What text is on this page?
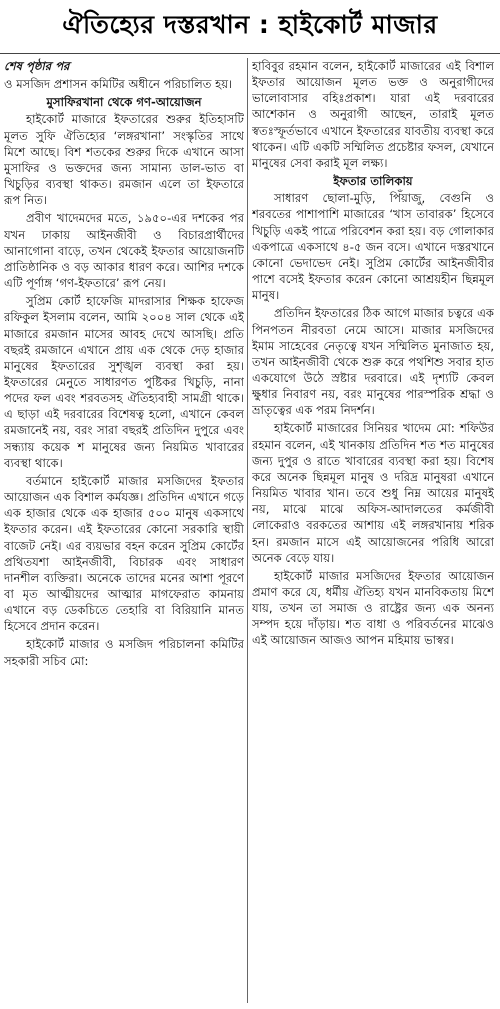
ঐতিহ্যের দস্তরখান : হাইকোর্ট মাজার
শেষ পৃষ্ঠার পর
ও মসজিদ প্রশাসন কমিটির অধীনে পরিচালিত হয়।
মুসাফিরখানা থেকে গণ-আয়োজন
হাইকোর্ট মাজারে ইফতারের শুরুর ইতিহাসটি মূলত সুফি ঐতিহ্যের ‘লঙ্গরখানা’ সংস্কৃতির সাথে মিশে আছে। বিশ শতকের শুরুর দিকে এখানে আসা মুসাফির ও ভক্তদের জন্য সামান্য ডাল-ভাত বা খিচুড়ির ব্যবস্থা থাকত। রমজান এলে তা ইফতারে রূপ নিত।
প্রবীণ খাদেমদের মতে, ১৯৫০-এর দশকের পর যখন ঢাকায় আইনজীবী ও বিচারপ্রার্থীদের আনাগোনা বাড়ে, তখন থেকেই ইফতার আয়োজনটি প্রাতিষ্ঠানিক ও বড় আকার ধারণ করে। আশির দশকে এটি পূর্ণাঙ্গ ‘গণ-ইফতারে’ রূপ নেয়।
সুপ্রিম কোর্ট হাফেজি মাদরাসার শিক্ষক হাফেজ রফিকুল ইসলাম বলেন, আমি ২০০৪ সাল থেকে এই মাজারে রমজান মাসের আবহ দেখে আসছি। প্রতি বছরই রমজানে এখানে প্রায় এক থেকে দেড় হাজার মানুষের ইফতারের সুশৃঙ্খল ব্যবস্থা করা হয়। ইফতারের মেনুতে সাধারণত পুষ্টিকর খিচুড়ি, নানা পদের ফল এবং শরবতসহ ঐতিহ্যবাহী সামগ্রী থাকে। এ ছাড়া এই দরবারের বিশেষত্ব হলো, এখানে কেবল রমজানেই নয়, বরং সারা বছরই প্রতিদিন দুপুরে এবং সন্ধ্যায় কয়েক শ মানুষের জন্য নিয়মিত খাবারের ব্যবস্থা থাকে।
বর্তমানে হাইকোর্ট মাজার মসজিদের ইফতার আয়োজন এক বিশাল কর্মযজ্ঞ। প্রতিদিন এখানে গড়ে এক হাজার থেকে এক হাজার ৫০০ মানুষ একসাথে ইফতার করেন। এই ইফতারের কোনো সরকারি স্থায়ী বাজেট নেই। এর ব্যয়ভার বহন করেন সুপ্রিম কোর্টের প্রথিতযশা আইনজীবী, বিচারক এবং সাধারণ দানশীল ব্যক্তিরা। অনেকে তাদের মনের আশা পূরণে বা মৃত আত্মীয়দের আত্মার মাগফেরাত কামনায় এখানে বড় ডেকচিতে তেহারি বা বিরিয়ানি মানত হিসেবে প্রদান করেন।
হাইকোর্ট মাজার ও মসজিদ পরিচালনা কমিটির সহকারী সচিব মো:
হাবিবুর রহমান বলেন, হাইকোর্ট মাজারের এই বিশাল ইফতার আয়োজন মূলত ভক্ত ও অনুরাগীদের ভালোবাসার বহিঃপ্রকাশ। যারা এই দরবারের আশেকান ও অনুরাগী আছেন, তারাই মূলত স্বতঃস্ফূর্তভাবে এখানে ইফতারের যাবতীয় ব্যবস্থা করে থাকেন। এটি একটি সম্মিলিত প্রচেষ্টার ফসল, যেখানে মানুষের সেবা করাই মূল লক্ষ্য।
ইফতার তালিকায়
সাধারণ ছোলা-মুড়ি, পিঁয়াজু, বেগুনি ও শরবতের পাশাপাশি মাজারের ‘খাস তাবারক’ হিসেবে খিচুড়ি একই পাত্রে পরিবেশন করা হয়। বড় গোলাকার একপাত্রে একসাথে ৪-৫ জন বসে। এখানে দস্তরখানে কোনো ভেদাভেদ নেই। সুপ্রিম কোর্টের আইনজীবীর পাশে বসেই ইফতার করেন কোনো আশ্রয়হীন ছিন্নমূল মানুষ।
প্রতিদিন ইফতারের ঠিক আগে মাজার চত্বরে এক পিনপতন নীরবতা নেমে আসে। মাজার মসজিদের ইমাম সাহেবের নেতৃত্বে যখন সম্মিলিত মুনাজাত হয়, তখন আইনজীবী থেকে শুরু করে পথশিশু সবার হাত একযোগে উঠে স্রষ্টার দরবারে। এই দৃশ্যটি কেবল ক্ষুধার নিবারণ নয়, বরং মানুষের পারস্পরিক শ্রদ্ধা ও ভ্রাতৃত্বের এক পরম নিদর্শন।
হাইকোর্ট মাজারের সিনিয়র খাদেম মো: শফিউর রহমান বলেন, এই খানকায় প্রতিদিন শত শত মানুষের জন্য দুপুর ও রাতে খাবারের ব্যবস্থা করা হয়। বিশেষ করে অনেক ছিন্নমূল মানুষ ও দরিদ্র মানুষরা এখানে নিয়মিত খাবার খান। তবে শুধু নিম্ন আয়ের মানুষই নয়, মাঝে মাঝে অফিস-আদালতের কর্মজীবী লোকেরাও বরকতের আশায় এই লঙ্গরখানায় শরিক হন। রমজান মাসে এই আয়োজনের পরিধি আরো অনেক বেড়ে যায়।
হাইকোর্ট মাজার মসজিদের ইফতার আয়োজন প্রমাণ করে যে, ধর্মীয় ঐতিহ্য যখন মানবিকতায় মিশে যায়, তখন তা সমাজ ও রাষ্ট্রের জন্য এক অনন্য সম্পদ হয়ে দাঁড়ায়। শত বাধা ও পরিবর্তনের মাঝেও এই আয়োজন আজও আপন মহিমায় ভাস্বর।
